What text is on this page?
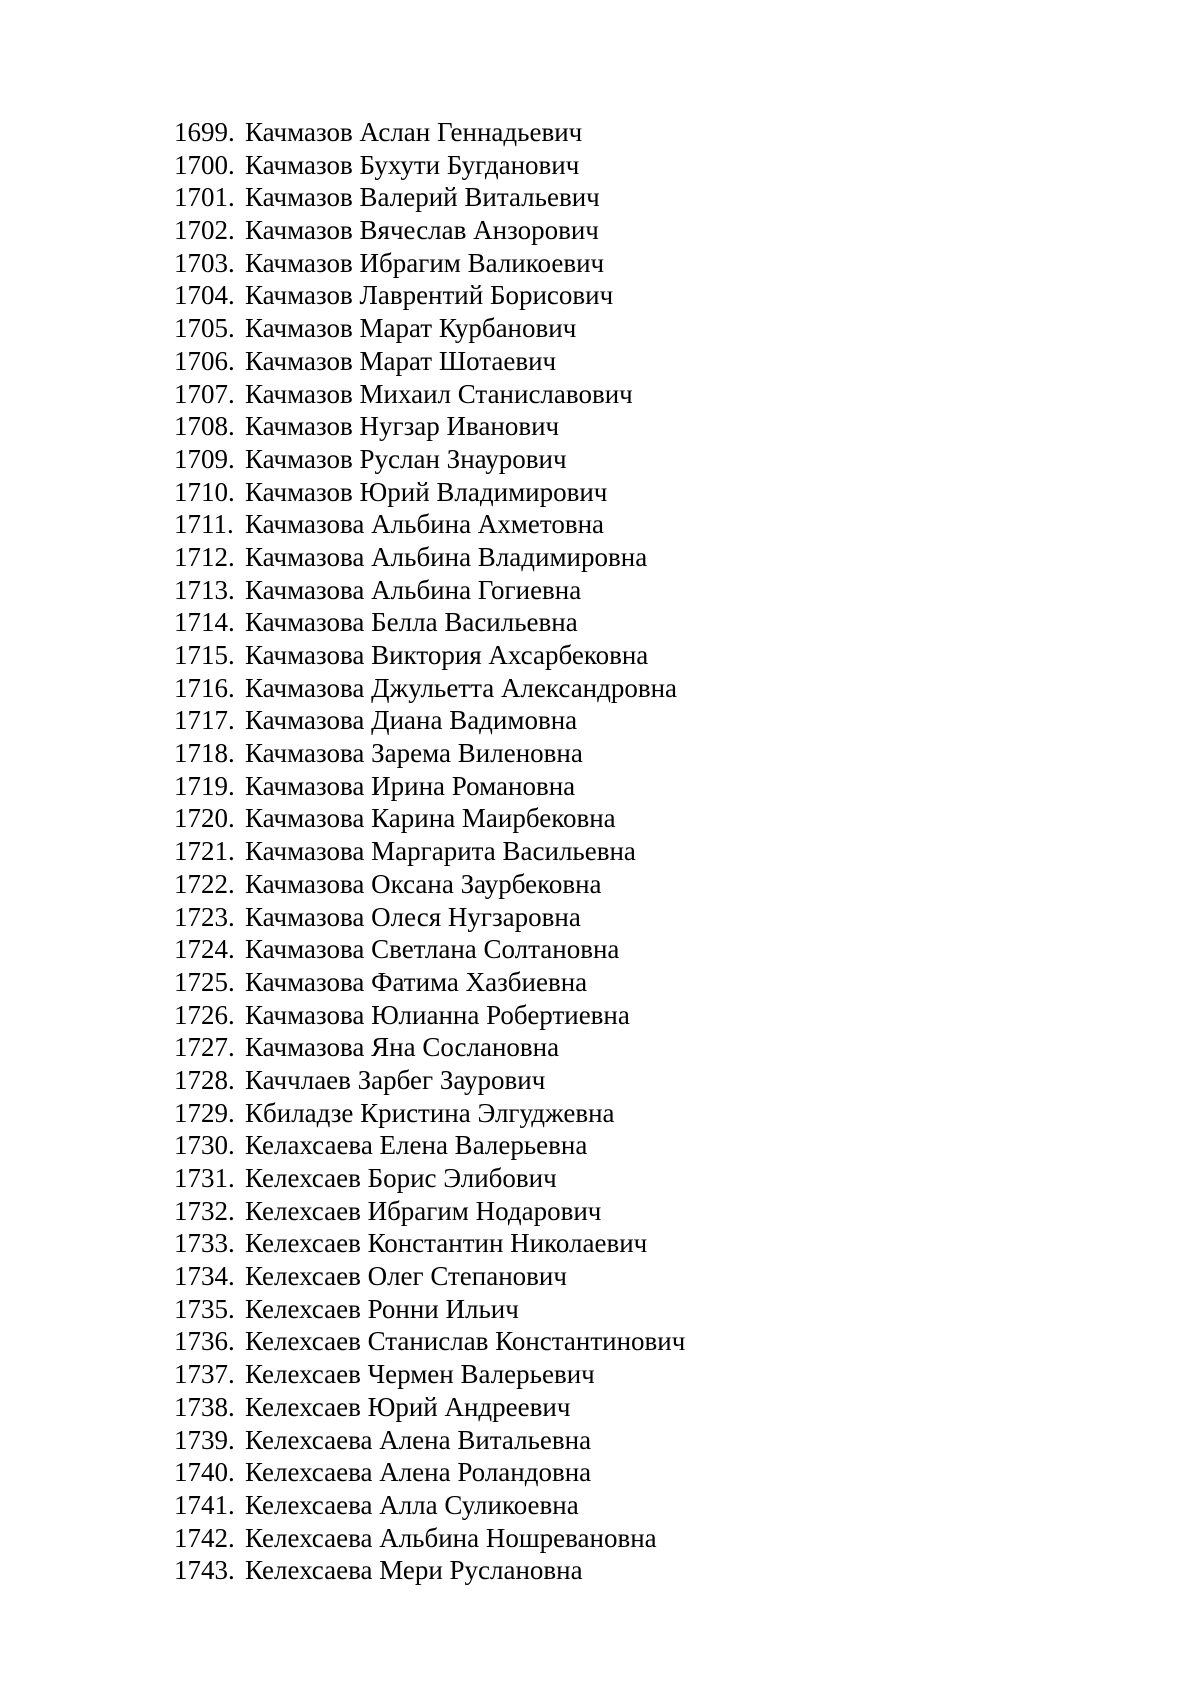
1699. Качмазов Аслан Геннадьевич
1700. Качмазов Бухути Бугданович
1701. Качмазов Валерий Витальевич
1702. Качмазов Вячеслав Анзорович
1703. Качмазов Ибрагим Валикоевич
1704. Качмазов Лаврентий Борисович
1705. Качмазов Марат Курбанович
1706. Качмазов Марат Шотаевич
1707. Качмазов Михаил Станиславович
1708. Качмазов Нугзар Иванович
1709. Качмазов Руслан Знаурович
1710. Качмазов Юрий Владимирович
1711. Качмазова Альбина Ахметовна
1712. Качмазова Альбина Владимировна
1713. Качмазова Альбина Гогиевна
1714. Качмазова Белла Васильевна
1715. Качмазова Виктория Ахсарбековна
1716. Качмазова Джульетта Александровна
1717. Качмазова Диана Вадимовна
1718. Качмазова Зарема Виленовна
1719. Качмазова Ирина Романовна
1720. Качмазова Карина Маирбековна
1721. Качмазова Маргарита Васильевна
1722. Качмазова Оксана Заурбековна
1723. Качмазова Олеся Нугзаровна
1724. Качмазова Светлана Солтановна
1725. Качмазова Фатима Хазбиевна
1726. Качмазова Юлианна Робертиевна
1727. Качмазова Яна Сослановна
1728. Каччлаев Зарбег Заурович
1729. Кбиладзе Кристина Элгуджевна
1730. Келахсаева Елена Валерьевна
1731. Келехсаев Борис Элибович
1732. Келехсаев Ибрагим Нодарович
1733. Келехсаев Константин Николаевич
1734. Келехсаев Олег Степанович
1735. Келехсаев Ронни Ильич
1736. Келехсаев Станислав Константинович
1737. Келехсаев Чермен Валерьевич
1738. Келехсаев Юрий Андреевич
1739. Келехсаева Алена Витальевна
1740. Келехсаева Алена Роландовна
1741. Келехсаева Алла Суликоевна
1742. Келехсаева Альбина Ношревановна
1743. Келехсаева Мери Руслановна
